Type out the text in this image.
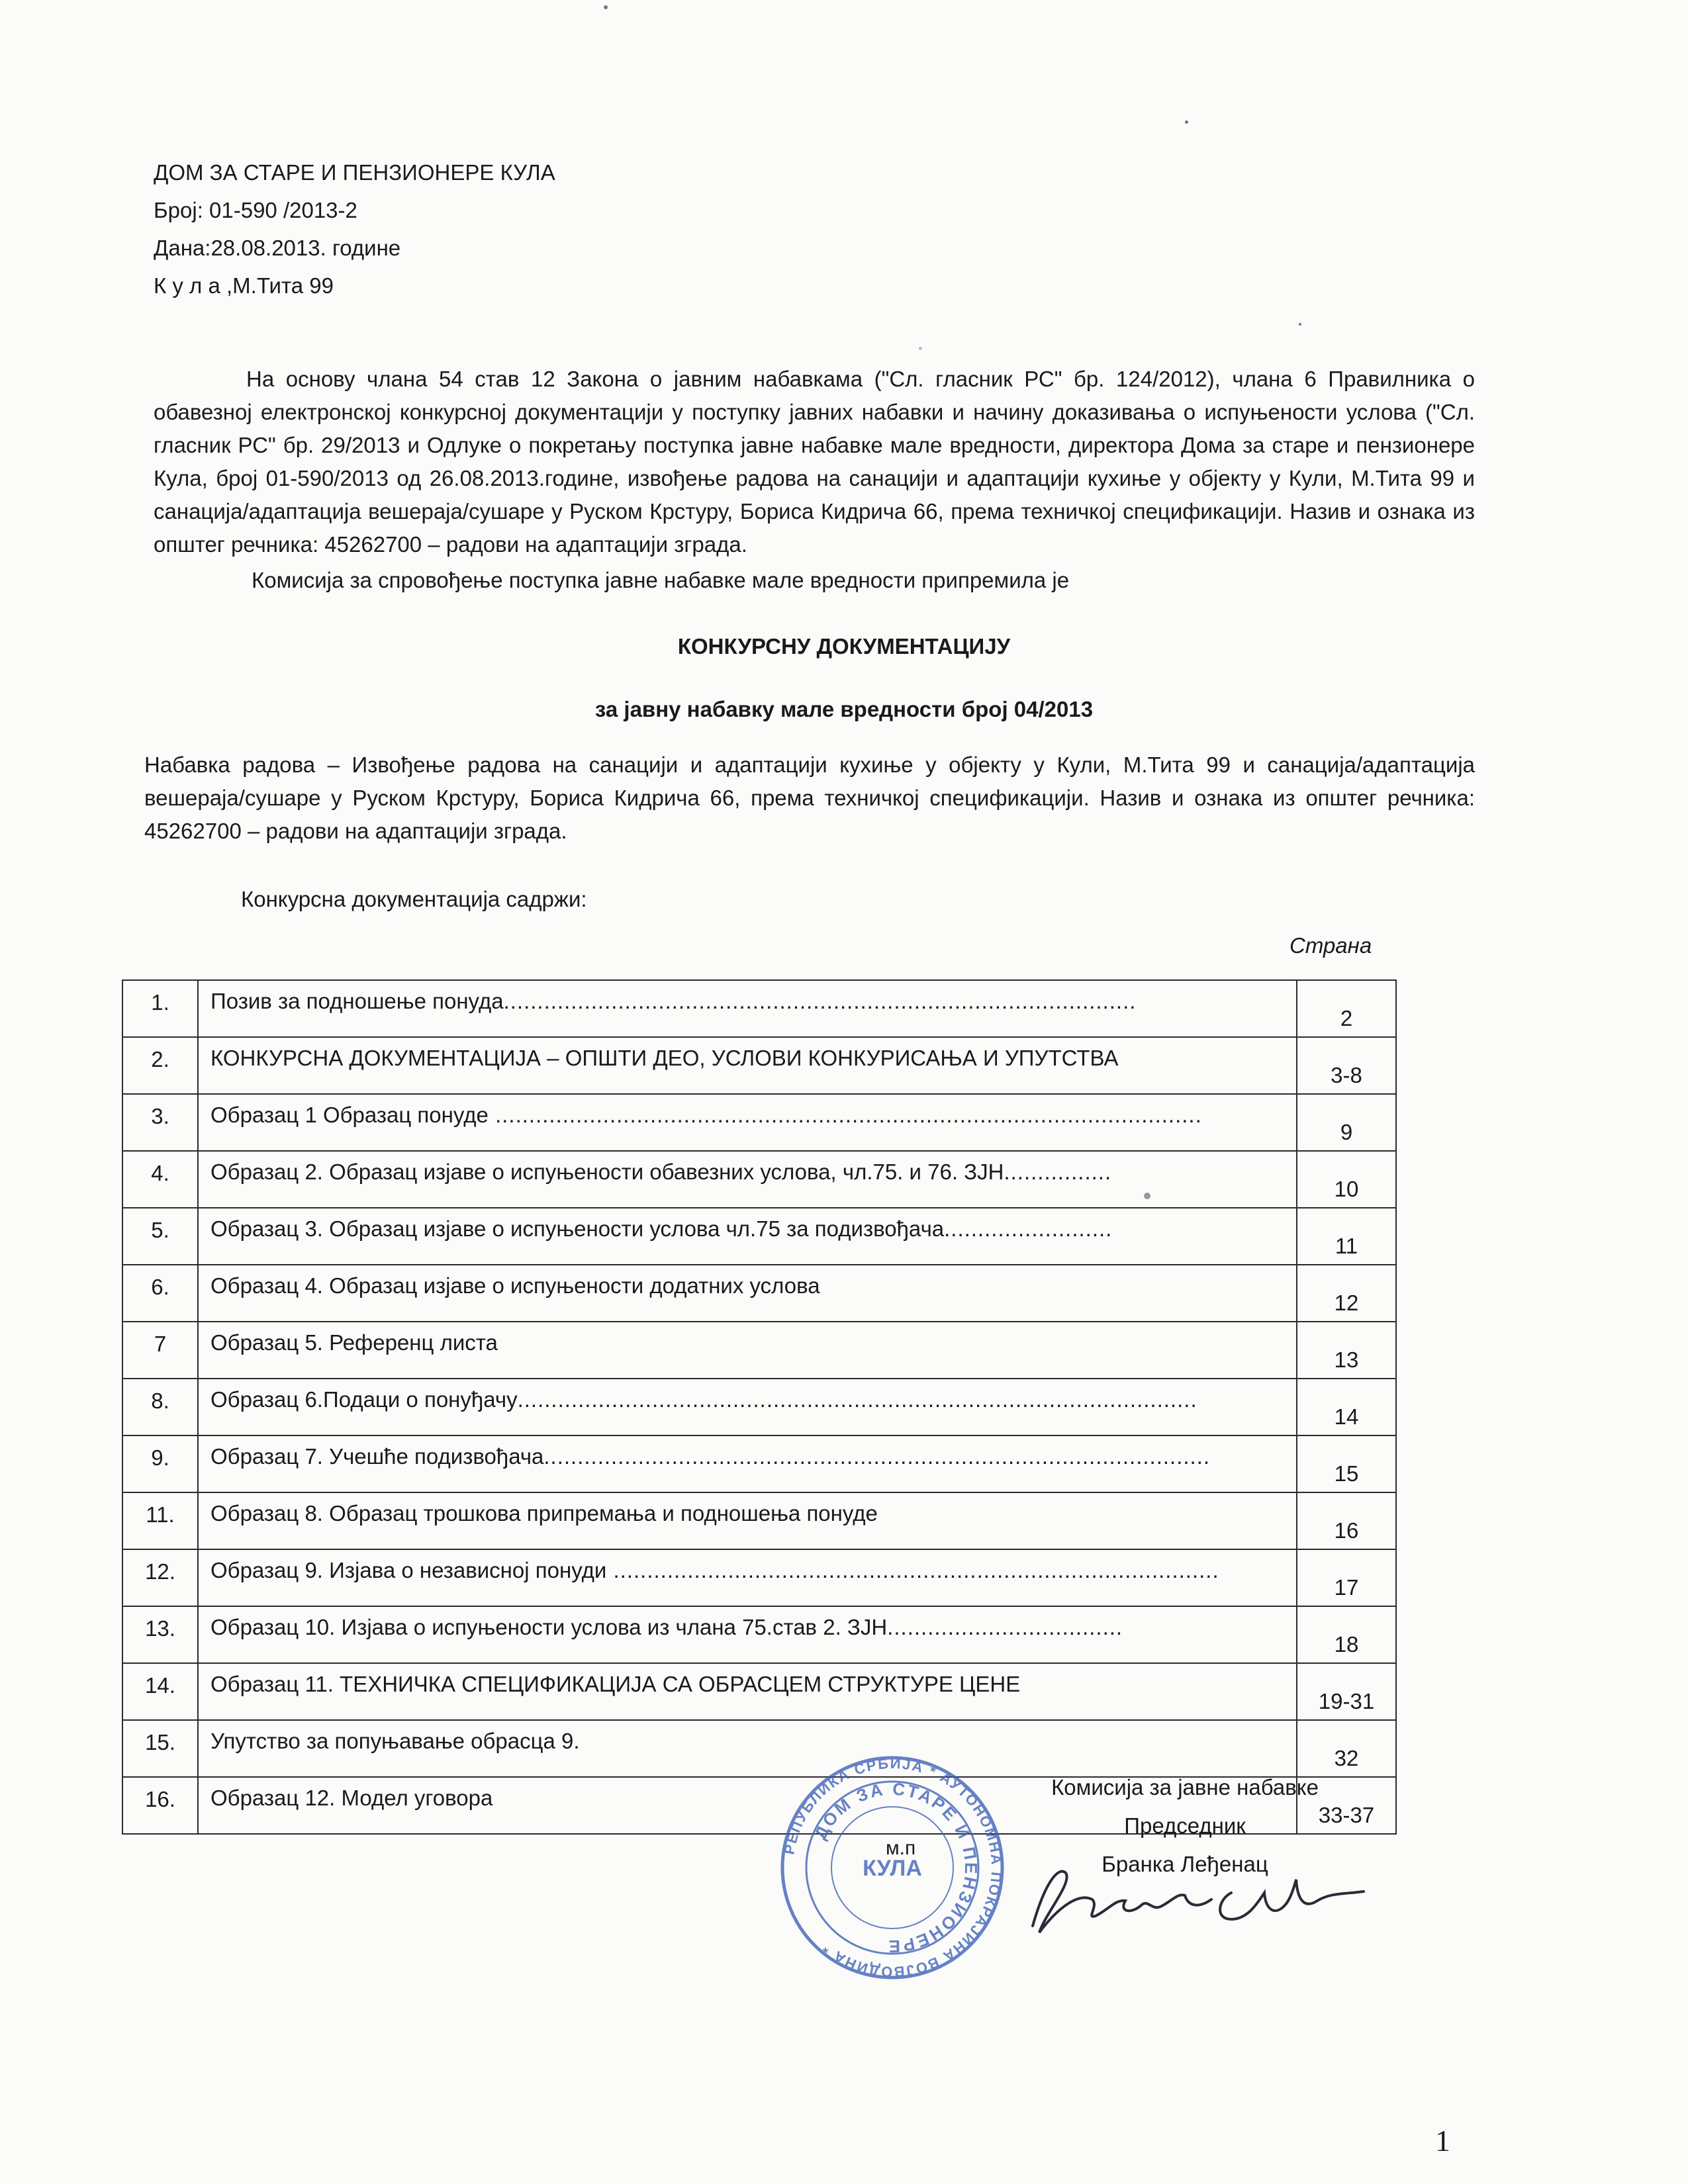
ДОМ ЗА СТАРЕ И ПЕНЗИОНЕРЕ КУЛА
Број: 01-590 /2013-2
Дана:28.08.2013. године
К у л а ,М.Тита 99

На основу члана 54 став 12 Закона о јавним набавкама ("Сл. гласник РС" бр. 124/2012), члана 6 Правилника о обавезној електронској конкурсној документацији у поступку јавних набавки и начину доказивања о испуњености услова ("Сл. гласник РС" бр. 29/2013 и Одлуке о покретању поступка јавне набавке мале вредности, директора Дома за старе и пензионере Кула, број 01-590/2013 од 26.08.2013.године, извођење радова на санацији и адаптацији кухиње у објекту у Кули, М.Тита 99 и санација/адаптација вешераја/сушаре у Руском Крстуру, Бориса Кидрича 66, према техничкој спецификацији. Назив и ознака из општег речника: 45262700 – радови на адаптацији зграда.

Комисија за спровођење поступка јавне набавке мале вредности припремила је

КОНКУРСНУ ДОКУМЕНТАЦИЈУ
за јавну набавку мале вредности број 04/2013
Набавка радова – Извођење радова на санацији и адаптацији кухиње у објекту у Кули, М.Тита 99 и санација/адаптација вешераја/сушаре у Руском Крстуру, Бориса Кидрича 66, према техничкој спецификацији. Назив и ознака из општег речника: 45262700 – радови на адаптацији зграда.
Конкурсна документација садржи:
Страна
1.	Позив за подношење понуда..............................................................................................	2
2.	КОНКУРСНА ДОКУМЕНТАЦИЈА – ОПШТИ ДЕО, УСЛОВИ КОНКУРИСАЊА И УПУТСТВА	3-8
3.	Образац 1 Образац понуде .........................................................................................................	9
4.	Образац 2. Образац изјаве о испуњености обавезних услова, чл.75. и 76. ЗЈН................	10
5.	Образац 3. Образац изјаве о испуњености услова чл.75 за подизвођача.........................	11
6.	Образац 4. Образац изјаве о испуњености додатних услова	12
7	Образац 5. Референц листа	13
8.	Образац 6.Подаци о понуђачу.....................................................................................................	14
9.	Образац 7. Учешће подизвођача...................................................................................................	15
11.	Образац 8. Образац трошкова припремања и подношења понуде	16
12.	Образац 9. Изјава о независној понуди ..........................................................................................	17
13.	Образац 10. Изјава о испуњености услова из члана 75.став 2. ЗЈН...................................	18
14.	Образац 11. ТЕХНИЧКА СПЕЦИФИКАЦИЈА СА ОБРАСЦЕМ СТРУКТУРЕ ЦЕНЕ	19-31
15.	Упутство за попуњавање обрасца 9.	32
16.	Образац 12. Модел уговора	33-37
РЕПУБЛИКА СРБИЈА * АУТОНОМНА ПОКРАЈИНА ВОЈВОДИНА *
ДОМ ЗА СТАРЕ И ПЕНЗИОНЕРЕ
КУЛА
м.п
Комисија за јавне набавке
Председник
Бранка Леђенац
1
